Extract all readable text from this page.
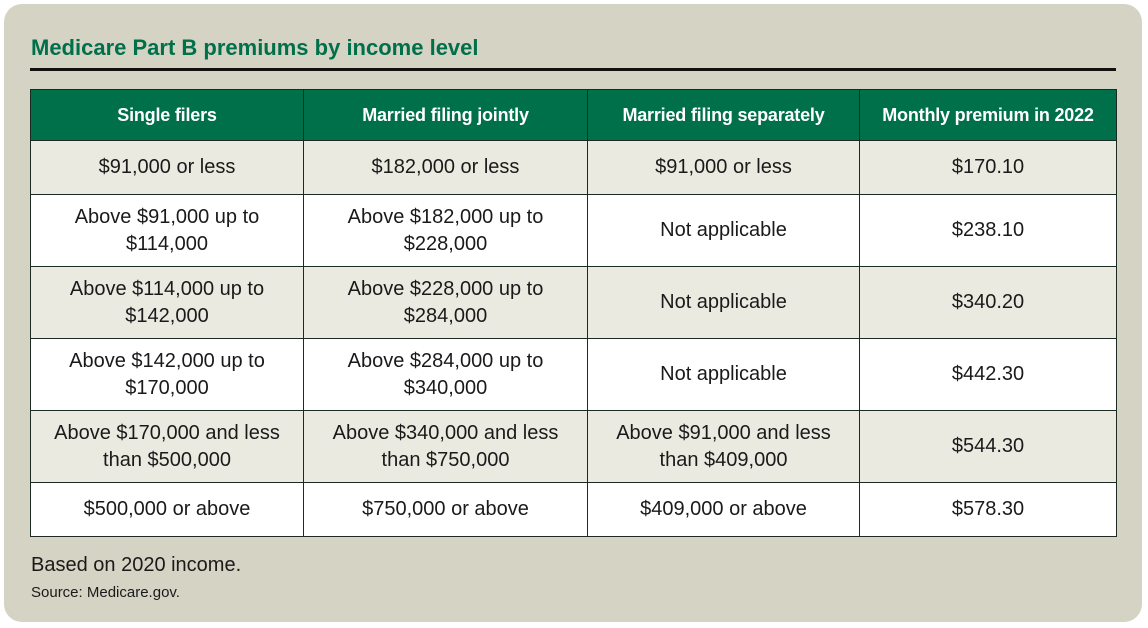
Medicare Part B premiums by income level
Single filers	Married filing jointly	Married filing separately	Monthly premium in 2022
$91,000 or less	$182,000 or less	$91,000 or less	$170.10
Above $91,000 up to $114,000	Above $182,000 up to $228,000	Not applicable	$238.10
Above $114,000 up to $142,000	Above $228,000 up to $284,000	Not applicable	$340.20
Above $142,000 up to $170,000	Above $284,000 up to $340,000	Not applicable	$442.30
Above $170,000 and less than $500,000	Above $340,000 and less than $750,000	Above $91,000 and less than $409,000	$544.30
$500,000 or above	$750,000 or above	$409,000 or above	$578.30
Based on 2020 income.
Source: Medicare.gov.
